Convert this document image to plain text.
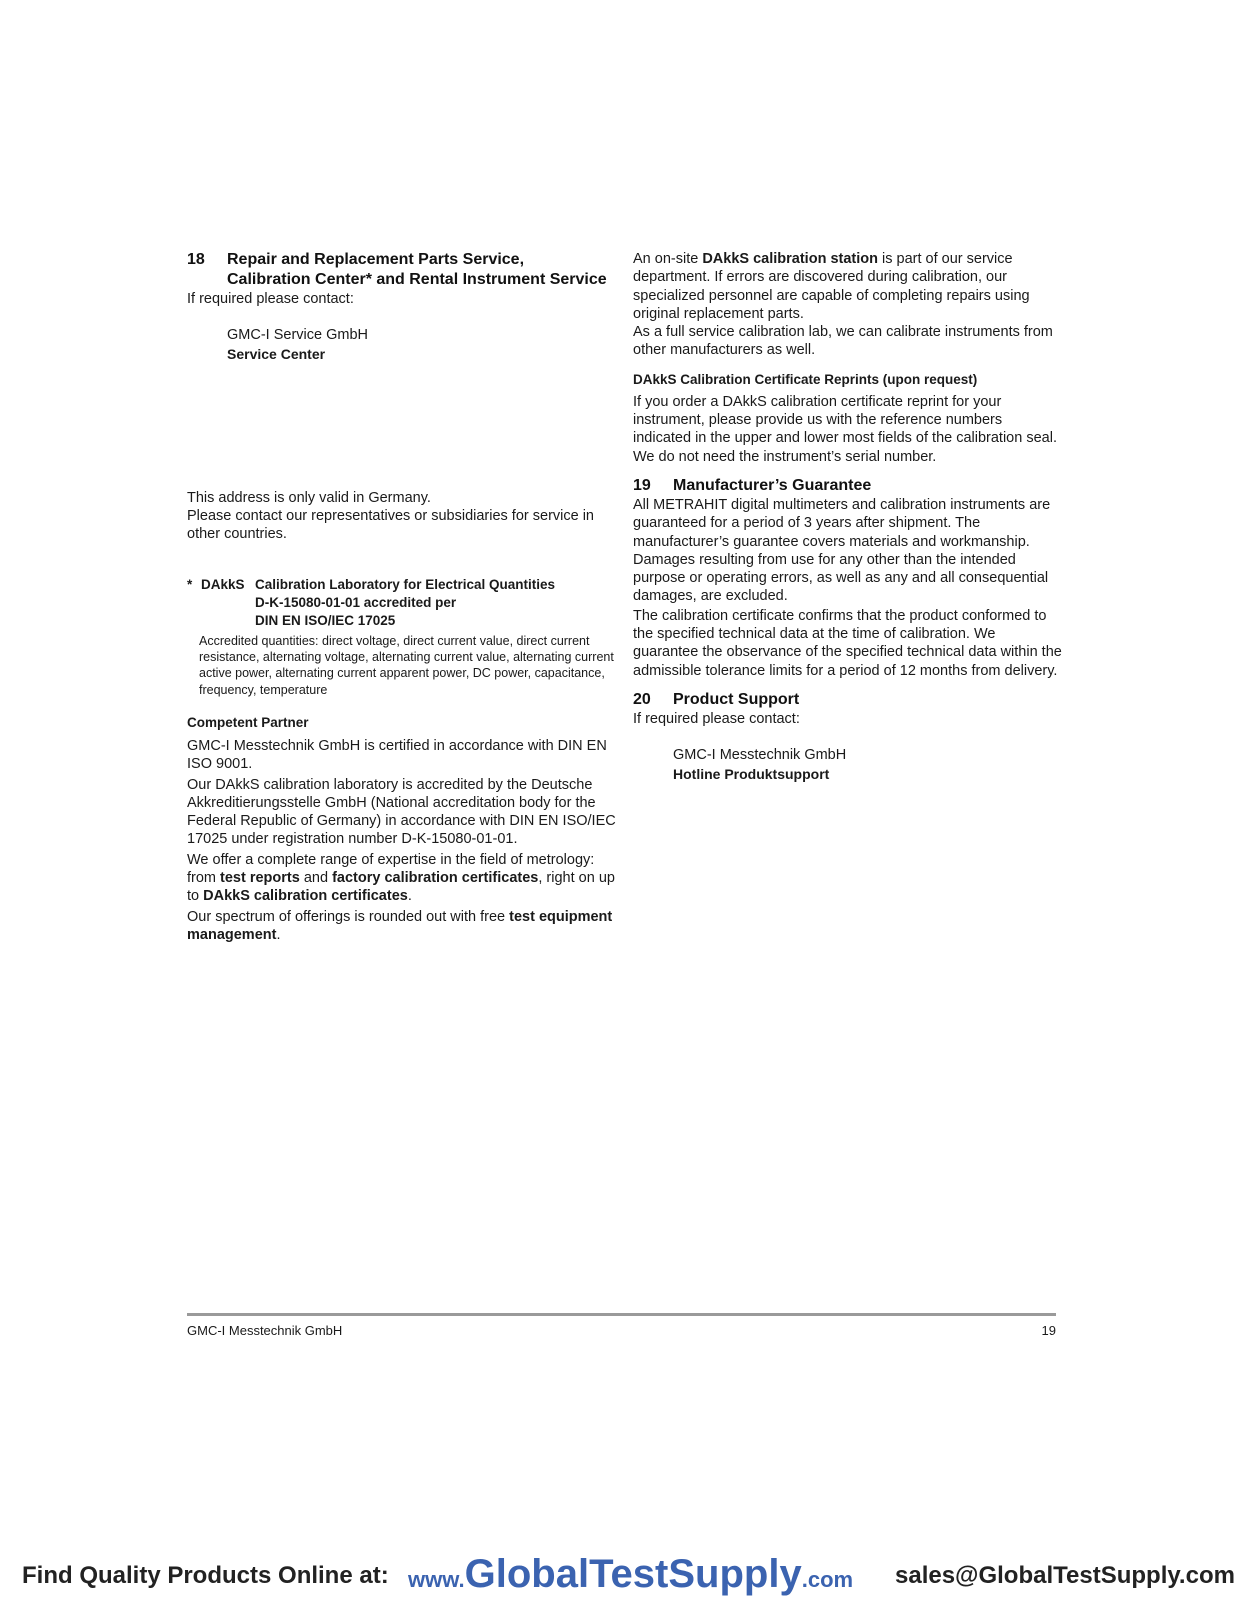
18	Repair and Replacement Parts Service,
Calibration Center* and Rental Instrument Service

If required please contact:

GMC-I Service GmbH

Service Center

This address is only valid in Germany.

Please contact our representatives or subsidiaries for service in other countries.

* DAkkS Calibration Laboratory for Electrical Quantities
D-K-15080-01-01 accredited per
DIN EN ISO/IEC 17025

Accredited quantities: direct voltage, direct current value, direct current resistance, alternating voltage, alternating current value, alternating current active power, alternating current apparent power, DC power, capacitance, frequency, temperature

Competent Partner

GMC-I Messtechnik GmbH is certified in accordance with DIN EN ISO 9001.

Our DAkkS calibration laboratory is accredited by the Deutsche Akkreditierungsstelle GmbH (National accreditation body for the Federal Republic of Germany) in accordance with DIN EN ISO/IEC 17025 under registration number D-K-15080-01-01.

We offer a complete range of expertise in the field of metrology: from test reports and factory calibration certificates, right on up to DAkkS calibration certificates.

Our spectrum of offerings is rounded out with free test equipment management.

An on-site DAkkS calibration station is part of our service department. If errors are discovered during calibration, our specialized personnel are capable of completing repairs using original replacement parts.

As a full service calibration lab, we can calibrate instruments from other manufacturers as well.

DAkkS Calibration Certificate Reprints (upon request)

If you order a DAkkS calibration certificate reprint for your instrument, please provide us with the reference numbers indicated in the upper and lower most fields of the calibration seal. We do not need the instrument’s serial number.

19	Manufacturer’s Guarantee

All METRAHIT digital multimeters and calibration instruments are guaranteed for a period of 3 years after shipment. The manufacturer’s guarantee covers materials and workmanship. Damages resulting from use for any other than the intended purpose or operating errors, as well as any and all consequential damages, are excluded.

The calibration certificate confirms that the product conformed to the specified technical data at the time of calibration. We guarantee the observance of the specified technical data within the admissible tolerance limits for a period of 12 months from delivery.

20	Product Support

If required please contact:

GMC-I Messtechnik GmbH

Hotline Produktsupport

GMC-I Messtechnik GmbH	19
Find Quality Products Online at: www.GlobalTestSupply.com sales@GlobalTestSupply.com
